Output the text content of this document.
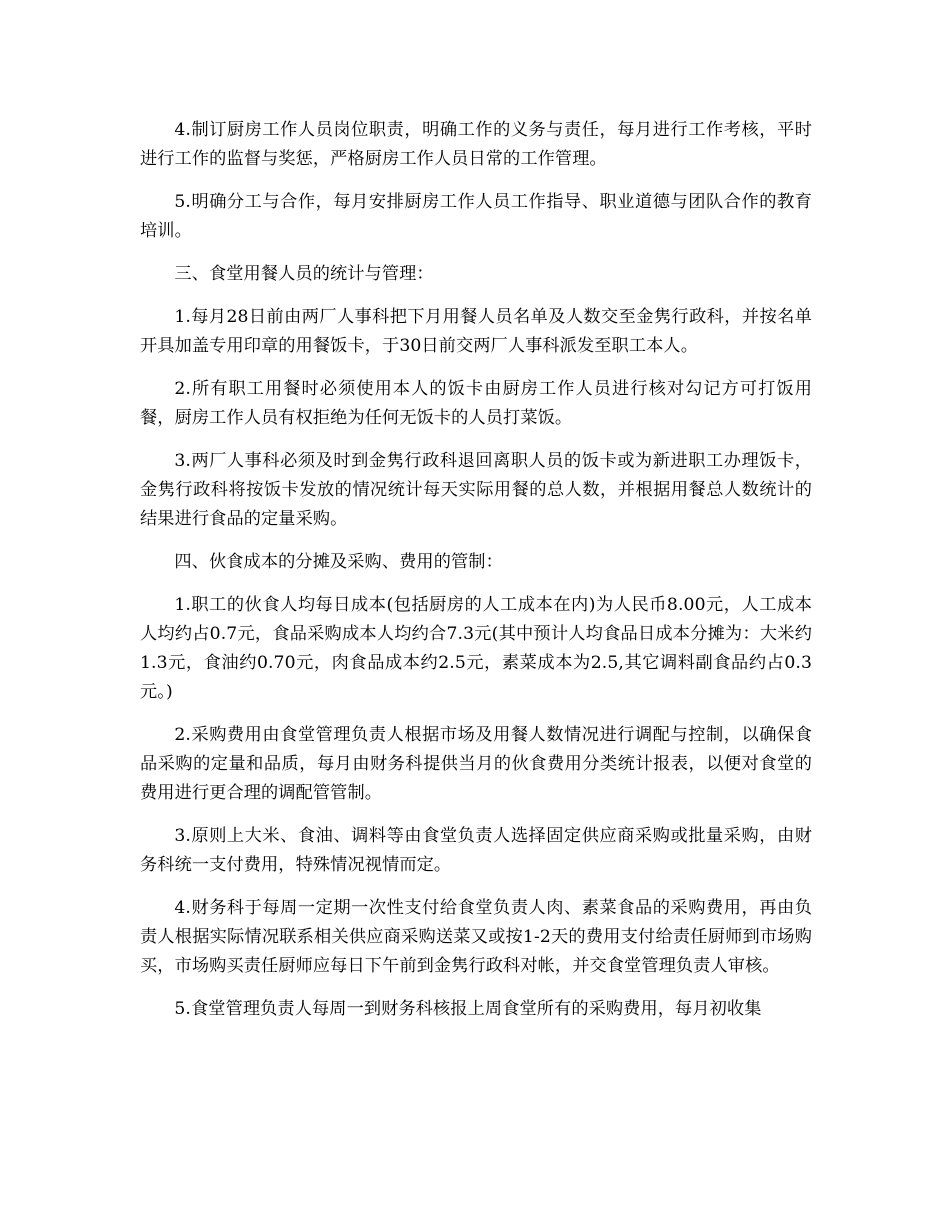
4.制订厨房工作人员岗位职责，明确工作的义务与责任，每月进行工作考核，平时进行工作的监督与奖惩，严格厨房工作人员日常的工作管理。

5.明确分工与合作，每月安排厨房工作人员工作指导、职业道德与团队合作的教育培训。

三、食堂用餐人员的统计与管理：

1.每月28日前由两厂人事科把下月用餐人员名单及人数交至金隽行政科，并按名单开具加盖专用印章的用餐饭卡，于30日前交两厂人事科派发至职工本人。

2.所有职工用餐时必须使用本人的饭卡由厨房工作人员进行核对勾记方可打饭用餐，厨房工作人员有权拒绝为任何无饭卡的人员打菜饭。

3.两厂人事科必须及时到金隽行政科退回离职人员的饭卡或为新进职工办理饭卡，金隽行政科将按饭卡发放的情况统计每天实际用餐的总人数，并根据用餐总人数统计的结果进行食品的定量采购。

四、伙食成本的分摊及采购、费用的管制：

1.职工的伙食人均每日成本(包括厨房的人工成本在内)为人民币8.00元，人工成本人均约占0.7元，食品采购成本人均约合7.3元(其中预计人均食品日成本分摊为：大米约1.3元，食油约0.70元，肉食品成本约2.5元，素菜成本为2.5,其它调料副食品约占0.3元。)

2.采购费用由食堂管理负责人根据市场及用餐人数情况进行调配与控制，以确保食品采购的定量和品质，每月由财务科提供当月的伙食费用分类统计报表，以便对食堂的费用进行更合理的调配管管制。

3.原则上大米、食油、调料等由食堂负责人选择固定供应商采购或批量采购，由财务科统一支付费用，特殊情况视情而定。

4.财务科于每周一定期一次性支付给食堂负责人肉、素菜食品的采购费用，再由负责人根据实际情况联系相关供应商采购送菜又或按1-2天的费用支付给责任厨师到市场购买，市场购买责任厨师应每日下午前到金隽行政科对帐，并交食堂管理负责人审核。

5.食堂管理负责人每周一到财务科核报上周食堂所有的采购费用，每月初收集
